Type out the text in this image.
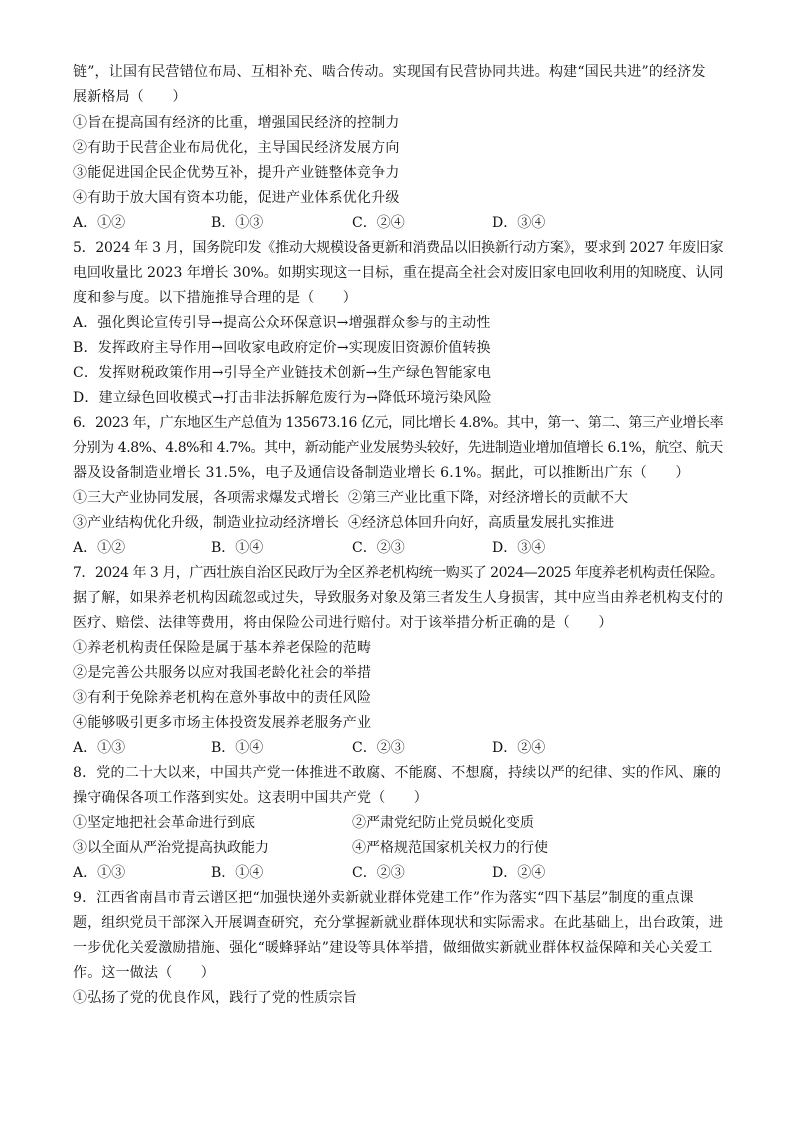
链”，让国有民营错位布局、互相补充、啮合传动。实现国有民营协同共进。构建“国民共进”的经济发
展新格局（　　）
①旨在提高国有经济的比重，增强国民经济的控制力
②有助于民营企业布局优化，主导国民经济发展方向
③能促进国企民企优势互补，提升产业链整体竞争力
④有助于放大国有资本功能，促进产业体系优化升级
A．①②	B．①③	C．②④	D．③④
5．2024 年 3 月，国务院印发《推动大规模设备更新和消费品以旧换新行动方案》，要求到 2027 年废旧家
电回收量比 2023 年增长 30%。如期实现这一目标，重在提高全社会对废旧家电回收利用的知晓度、认同
度和参与度。以下措施推导合理的是（　　）
A．强化舆论宣传引导→提高公众环保意识→增强群众参与的主动性
B．发挥政府主导作用→回收家电政府定价→实现废旧资源价值转换
C．发挥财税政策作用→引导全产业链技术创新→生产绿色智能家电
D．建立绿色回收模式→打击非法拆解危废行为→降低环境污染风险
6．2023 年，广东地区生产总值为 135673.16 亿元，同比增长 4.8%。其中，第一、第二、第三产业增长率
分别为 4.8%、4.8%和 4.7%。其中，新动能产业发展势头较好，先进制造业增加值增长 6.1%，航空、航天
器及设备制造业增长 31.5%，电子及通信设备制造业增长 6.1%。据此，可以推断出广东（　　）
①三大产业协同发展，各项需求爆发式增长 ②第三产业比重下降，对经济增长的贡献不大
③产业结构优化升级，制造业拉动经济增长 ④经济总体回升向好，高质量发展扎实推进
A．①②	B．①④	C．②③	D．③④
7．2024 年 3 月，广西壮族自治区民政厅为全区养老机构统一购买了 2024—2025 年度养老机构责任保险。
据了解，如果养老机构因疏忽或过失，导致服务对象及第三者发生人身损害，其中应当由养老机构支付的
医疗、赔偿、法律等费用，将由保险公司进行赔付。对于该举措分析正确的是（　　）
①养老机构责任保险是属于基本养老保险的范畴
②是完善公共服务以应对我国老龄化社会的举措
③有利于免除养老机构在意外事故中的责任风险
④能够吸引更多市场主体投资发展养老服务产业
A．①③	B．①④	C．②③	D．②④
8．党的二十大以来，中国共产党一体推进不敢腐、不能腐、不想腐，持续以严的纪律、实的作风、廉的
操守确保各项工作落到实处。这表明中国共产党（　　）
①坚定地把社会革命进行到底	②严肃党纪防止党员蜕化变质
③以全面从严治党提高执政能力	④严格规范国家机关权力的行使
A．①③	B．①④	C．②③	D．②④
9．江西省南昌市青云谱区把“加强快递外卖新就业群体党建工作”作为落实“四下基层”制度的重点课
题，组织党员干部深入开展调查研究，充分掌握新就业群体现状和实际需求。在此基础上，出台政策，进
一步优化关爱激励措施、强化“暖蜂驿站”建设等具体举措，做细做实新就业群体权益保障和关心关爱工
作。这一做法（　　）
①弘扬了党的优良作风，践行了党的性质宗旨
